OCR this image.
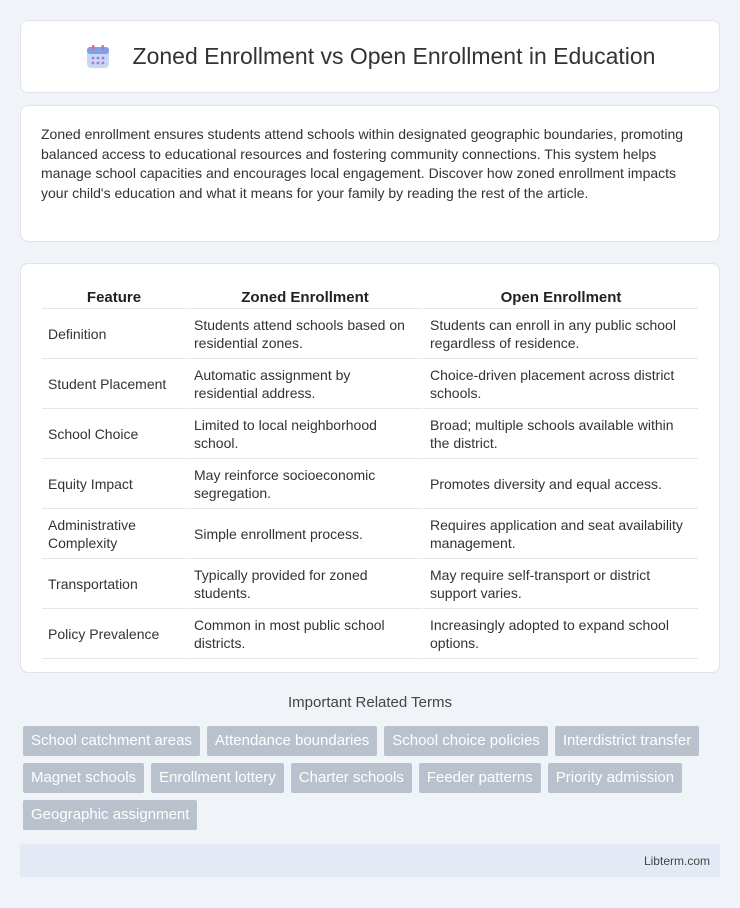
Zoned Enrollment vs Open Enrollment in Education

Zoned enrollment ensures students attend schools within designated geographic boundaries, promoting balanced access to educational resources and fostering community connections. This system helps manage school capacities and encourages local engagement. Discover how zoned enrollment impacts your child's education and what it means for your family by reading the rest of the article.

Feature	Zoned Enrollment	Open Enrollment
Definition	Students attend schools based on residential zones.	Students can enroll in any public school regardless of residence.
Student Placement	Automatic assignment by residential address.	Choice-driven placement across district schools.
School Choice	Limited to local neighborhood school.	Broad; multiple schools available within the district.
Equity Impact	May reinforce socioeconomic segregation.	Promotes diversity and equal access.
Administrative Complexity	Simple enrollment process.	Requires application and seat availability management.
Transportation	Typically provided for zoned students.	May require self-transport or district support varies.
Policy Prevalence	Common in most public school districts.	Increasingly adopted to expand school options.
Important Related Terms
School catchment areas	Attendance boundaries	School choice policies	Interdistrict transfer
Magnet schools	Enrollment lottery	Charter schools	Feeder patterns	Priority admission
Geographic assignment
Libterm.com
